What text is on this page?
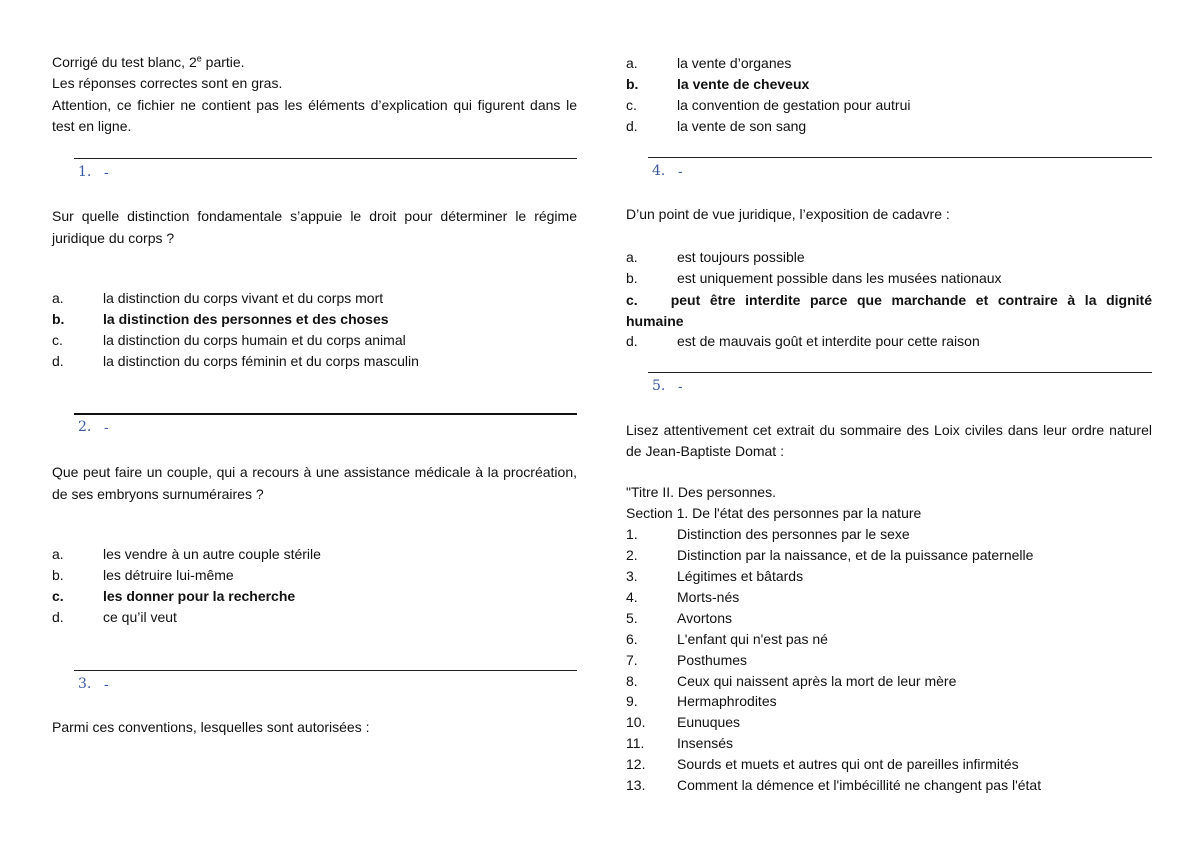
Corrigé du test blanc, 2e partie.
Les réponses correctes sont en gras.
Attention, ce fichier ne contient pas les éléments d’explication qui figurent dans le test en ligne.
1. -
Sur quelle distinction fondamentale s’appuie le droit pour déterminer le régime juridique du corps ?
a.	la distinction du corps vivant et du corps mort
b.	la distinction des personnes et des choses
c.	la distinction du corps humain et du corps animal
d.	la distinction du corps féminin et du corps masculin
2. -
Que peut faire un couple, qui a recours à une assistance médicale à la procréation, de ses embryons surnuméraires ?
a.	les vendre à un autre couple stérile
b.	les détruire lui-même
c.	les donner pour la recherche
d.	ce qu’il veut
3. -
Parmi ces conventions, lesquelles sont autorisées :
a.	la vente d’organes
b.	la vente de cheveux
c.	la convention de gestation pour autrui
d.	la vente de son sang
4. -
D’un point de vue juridique, l’exposition de cadavre :
a.	est toujours possible
b.	est uniquement possible dans les musées nationaux
c. peut être interdite parce que marchande et contraire à la dignité humaine
d.	est de mauvais goût et interdite pour cette raison
5. -
Lisez attentivement cet extrait du sommaire des Loix civiles dans leur ordre naturel de Jean-Baptiste Domat :
"Titre II. Des personnes.
Section 1. De l'état des personnes par la nature
1.	Distinction des personnes par le sexe
2.	Distinction par la naissance, et de la puissance paternelle
3.	Légitimes et bâtards
4.	Morts-nés
5.	Avortons
6.	L'enfant qui n'est pas né
7.	Posthumes
8.	Ceux qui naissent après la mort de leur mère
9.	Hermaphrodites
10. Eunuques
11. Insensés
12. Sourds et muets et autres qui ont de pareilles infirmités
13. Comment la démence et l'imbécillité ne changent pas l'état
